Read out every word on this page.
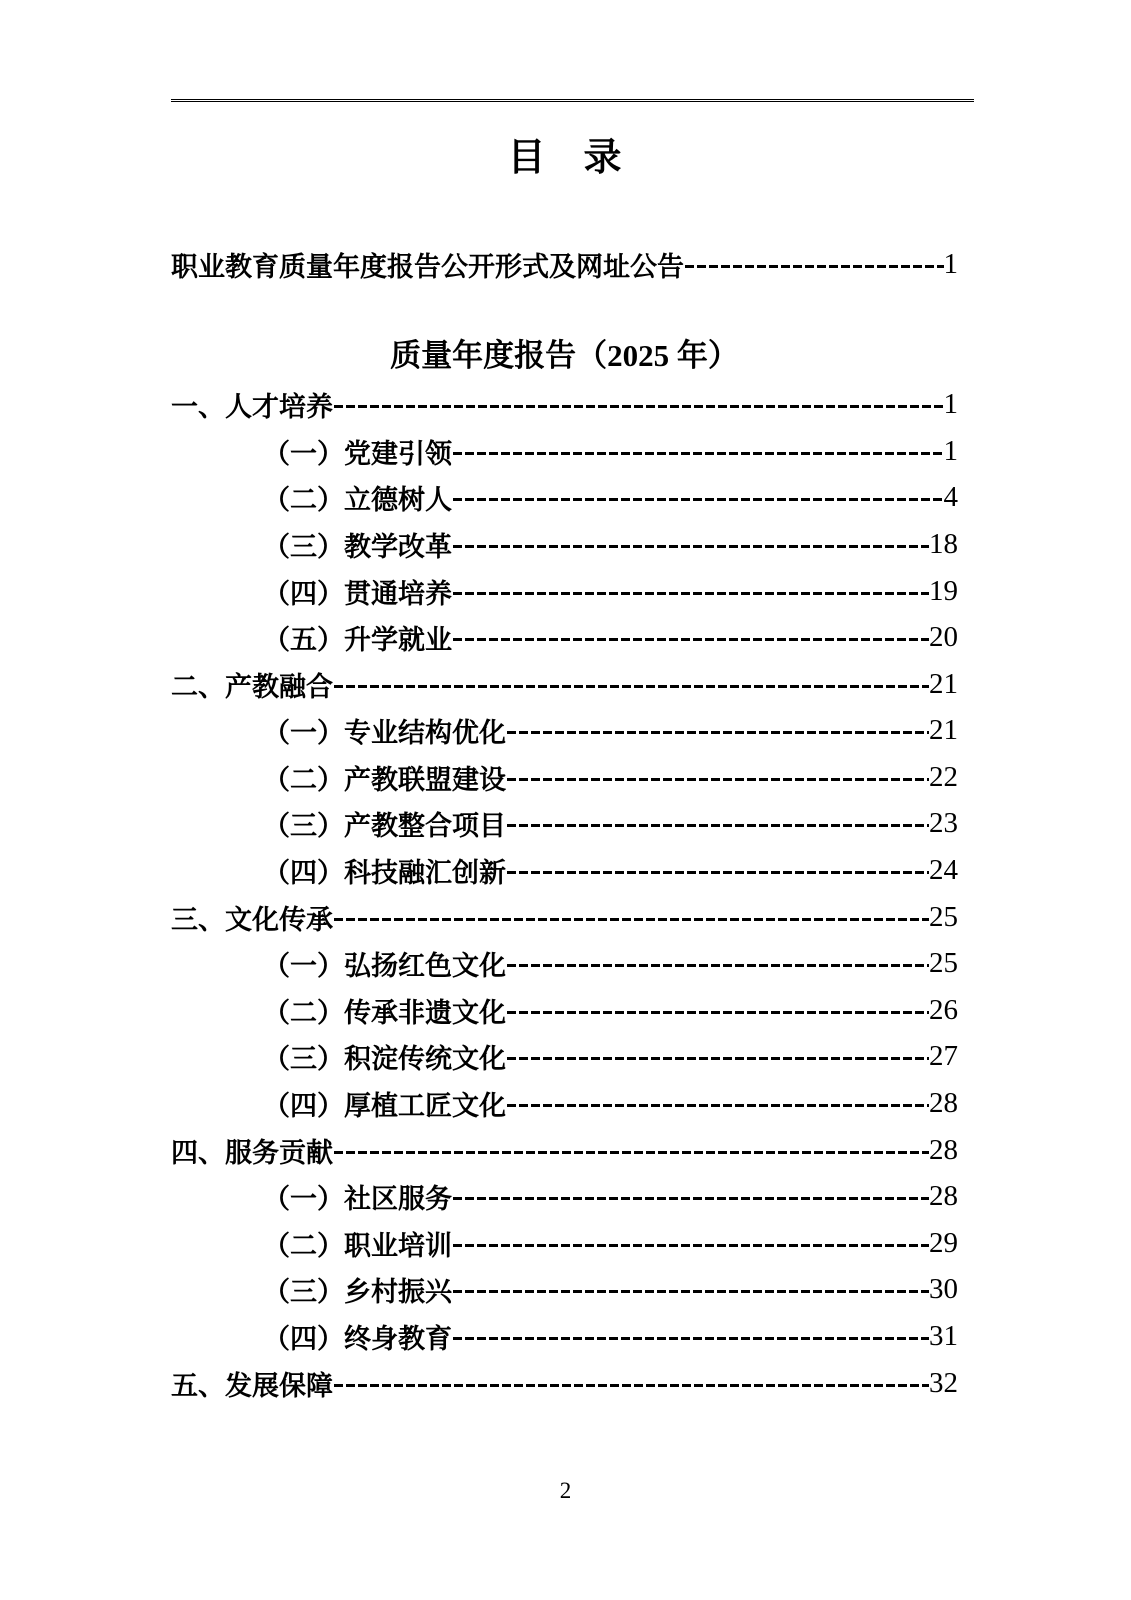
目　录
职业教育质量年度报告公开形式及网址公告	1
质量年度报告（2025 年）
一、人才培养	1
（一）党建引领	1
（二）立德树人	4
（三）教学改革	18
（四）贯通培养	19
（五）升学就业	20
二、产教融合	21
（一）专业结构优化	21
（二）产教联盟建设	22
（三）产教整合项目	23
（四）科技融汇创新	24
三、文化传承	25
（一）弘扬红色文化	25
（二）传承非遗文化	26
（三）积淀传统文化	27
（四）厚植工匠文化	28
四、服务贡献	28
（一）社区服务	28
（二）职业培训	29
（三）乡村振兴	30
（四）终身教育	31
五、发展保障	32
2
